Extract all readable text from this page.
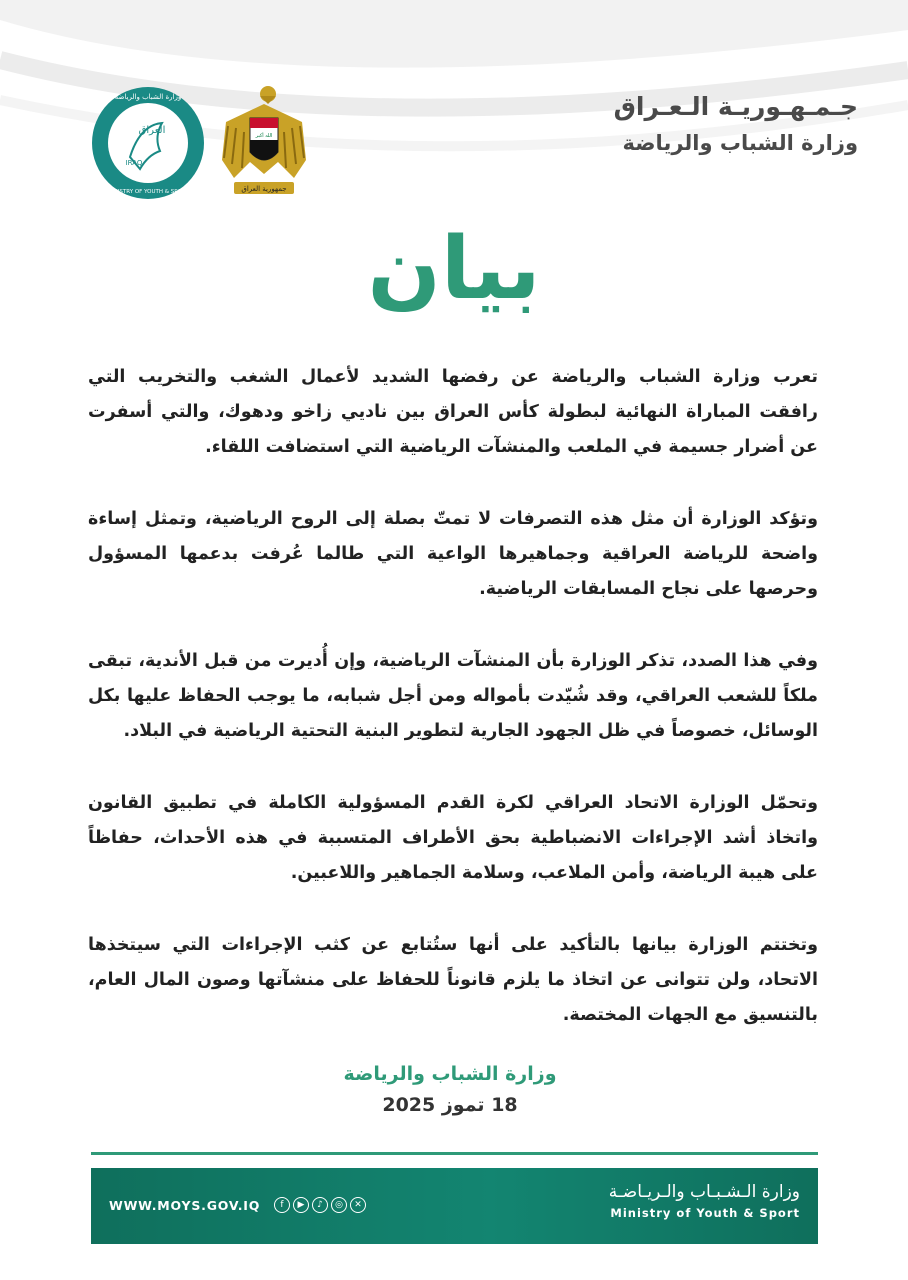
جـمـهـوريـة الـعـراق
وزارة الشباب والرياضة
العراق
IRAQ
وزارة الشباب والرياضة
MINISTRY OF YOUTH & SPORT
الله أكبر
جمهورية العراق
بيان

تعرب وزارة الشباب والرياضة عن رفضها الشديد لأعمال الشغب والتخريب التي رافقت المباراة النهائية لبطولة كأس العراق بين ناديي زاخو ودهوك، والتي أسفرت عن أضرار جسيمة في الملعب والمنشآت الرياضية التي استضافت اللقاء.

وتؤكد الوزارة أن مثل هذه التصرفات لا تمتّ بصلة إلى الروح الرياضية، وتمثل إساءة واضحة للرياضة العراقية وجماهيرها الواعية التي طالما عُرفت بدعمها المسؤول وحرصها على نجاح المسابقات الرياضية.

وفي هذا الصدد، تذكر الوزارة بأن المنشآت الرياضية، وإن أُديرت من قبل الأندية، تبقى ملكاً للشعب العراقي، وقد شُيّدت بأمواله ومن أجل شبابه، ما يوجب الحفاظ عليها بكل الوسائل، خصوصاً في ظل الجهود الجارية لتطوير البنية التحتية الرياضية في البلاد.

وتحمّل الوزارة الاتحاد العراقي لكرة القدم المسؤولية الكاملة في تطبيق القانون واتخاذ أشد الإجراءات الانضباطية بحق الأطراف المتسببة في هذه الأحداث، حفاظاً على هيبة الرياضة، وأمن الملاعب، وسلامة الجماهير واللاعبين.

وتختتم الوزارة بيانها بالتأكيد على أنها ستُتابع عن كثب الإجراءات التي سيتخذها الاتحاد، ولن تتوانى عن اتخاذ ما يلزم قانوناً للحفاظ على منشآتها وصون المال العام، بالتنسيق مع الجهات المختصة.

وزارة الشباب والرياضة
18 تموز 2025
WWW.MOYS.GOV.IQ	f	▶	♪	◎	✕
وزارة الـشـبـاب والـريـاضـة
Ministry of Youth & Sport
